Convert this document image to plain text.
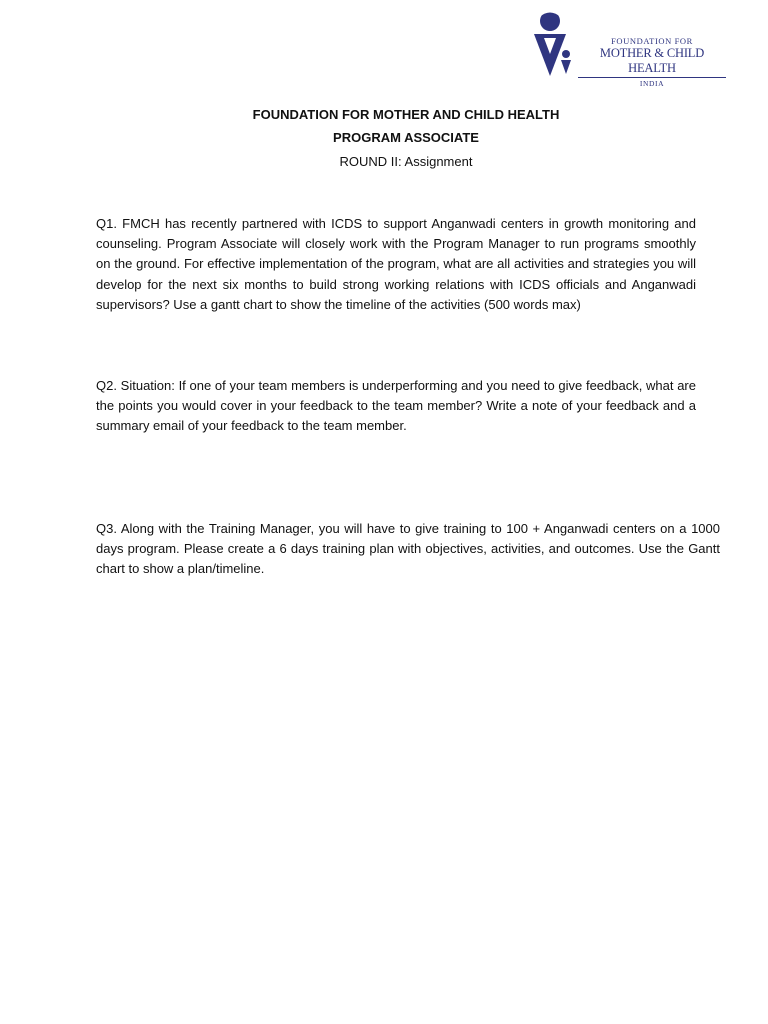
FOUNDATION FOR
MOTHER & CHILD HEALTH
INDIA
FOUNDATION FOR MOTHER AND CHILD HEALTH
PROGRAM ASSOCIATE
ROUND II: Assignment

Q1. FMCH has recently partnered with ICDS to support Anganwadi centers in growth monitoring and counseling. Program Associate will closely work with the Program Manager to run programs smoothly on the ground. For effective implementation of the program, what are all activities and strategies you will develop for the next six months to build strong working relations with ICDS officials and Anganwadi supervisors? Use a gantt chart to show the timeline of the activities (500 words max)

Q2. Situation: If one of your team members is underperforming and you need to give feedback, what are the points you would cover in your feedback to the team member? Write a note of your feedback and a summary email of your feedback to the team member.

Q3. Along with the Training Manager, you will have to give training to 100 + Anganwadi centers on a 1000 days program. Please create a 6 days training plan with objectives, activities, and outcomes. Use the Gantt chart to show a plan/timeline.
